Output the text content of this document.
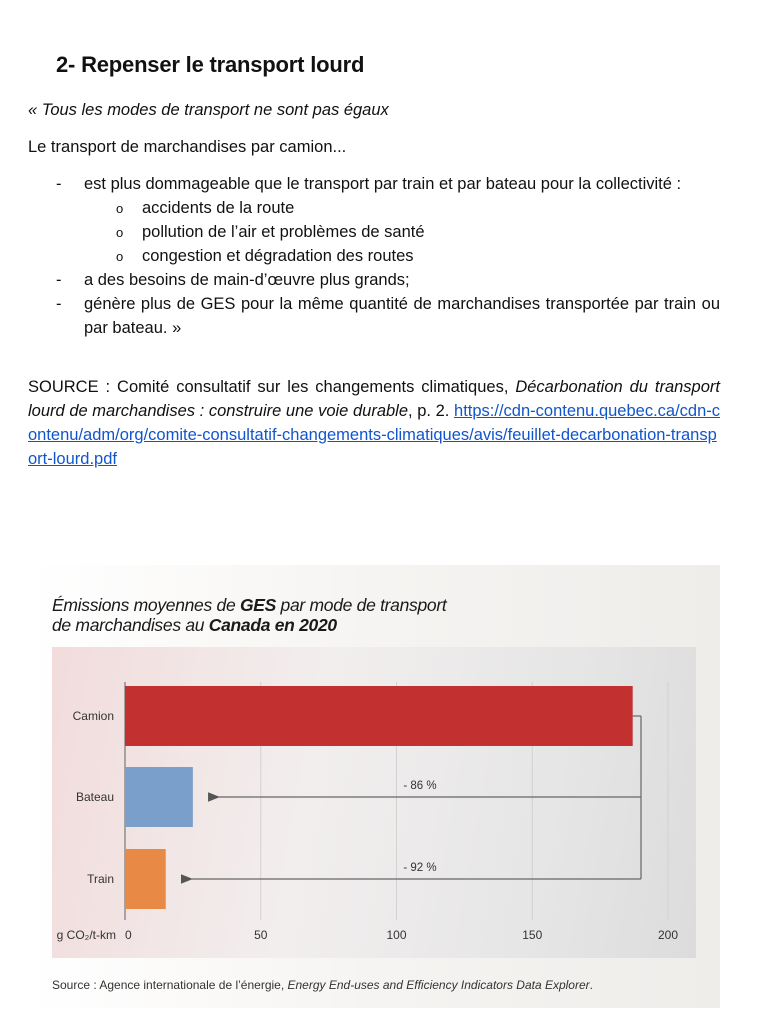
2- Repenser le transport lourd
« Tous les modes de transport ne sont pas égaux
Le transport de marchandises par camion...
- est plus dommageable que le transport par train et par bateau pour la collectivité :
o accidents de la route
o pollution de l’air et problèmes de santé
o congestion et dégradation des routes
- a des besoins de main-d’œuvre plus grands;
- génère plus de GES pour la même quantité de marchandises transportée par train ou par bateau. »
SOURCE : Comité consultatif sur les changements climatiques, Décarbonation du transport lourd de marchandises : construire une voie durable, p. 2. https://cdn-contenu.quebec.ca/cdn-contenu/adm/org/comite-consultatif-changements-climatiques/avis/feuillet-decarbonation-transport-lourd.pdf
Émissions moyennes de GES par mode de transport
de marchandises au Canada en 2020
0	50	100	150	200
g CO₂/t-km
Camion
Bateau
Train
- 86 %
- 92 %
Source : Agence internationale de l’énergie, Energy End-uses and Efficiency Indicators Data Explorer.
